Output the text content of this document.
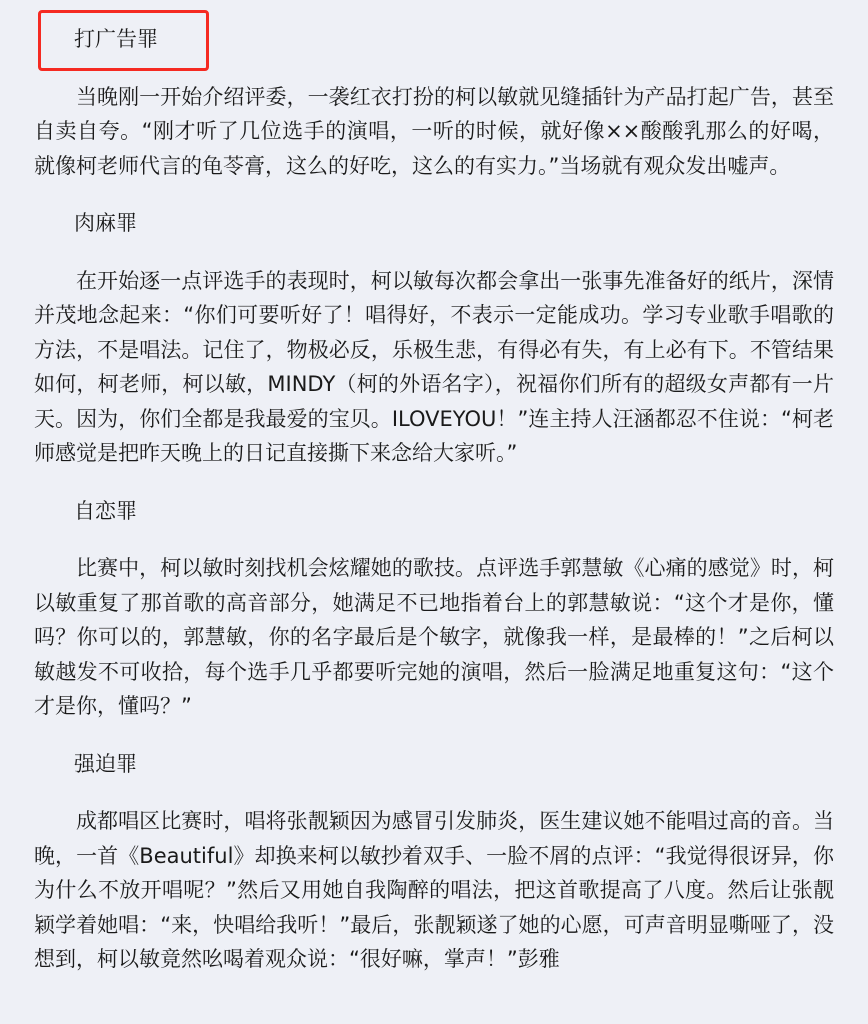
打广告罪

当晚刚一开始介绍评委，一袭红衣打扮的柯以敏就见缝插针为产品打起广告，甚至自卖自夸。“刚才听了几位选手的演唱，一听的时候，就好像××酸酸乳那么的好喝，就像柯老师代言的龟苓膏，这么的好吃，这么的有实力。”当场就有观众发出嘘声。

肉麻罪

在开始逐一点评选手的表现时，柯以敏每次都会拿出一张事先准备好的纸片，深情并茂地念起来：“你们可要听好了！唱得好，不表示一定能成功。学习专业歌手唱歌的方法，不是唱法。记住了，物极必反，乐极生悲，有得必有失，有上必有下。不管结果如何，柯老师，柯以敏，MINDY（柯的外语名字），祝福你们所有的超级女声都有一片天。因为，你们全都是我最爱的宝贝。ILOVEYOU！”连主持人汪涵都忍不住说：“柯老师感觉是把昨天晚上的日记直接撕下来念给大家听。”

自恋罪

比赛中，柯以敏时刻找机会炫耀她的歌技。点评选手郭慧敏《心痛的感觉》时，柯以敏重复了那首歌的高音部分，她满足不已地指着台上的郭慧敏说：“这个才是你，懂吗？你可以的，郭慧敏，你的名字最后是个敏字，就像我一样，是最棒的！”之后柯以敏越发不可收拾，每个选手几乎都要听完她的演唱，然后一脸满足地重复这句：“这个才是你，懂吗？”

强迫罪

成都唱区比赛时，唱将张靓颖因为感冒引发肺炎，医生建议她不能唱过高的音。当晚，一首《Beautiful》却换来柯以敏抄着双手、一脸不屑的点评：“我觉得很讶异，你为什么不放开唱呢？”然后又用她自我陶醉的唱法，把这首歌提高了八度。然后让张靓颖学着她唱：“来，快唱给我听！”最后，张靓颖遂了她的心愿，可声音明显嘶哑了，没想到，柯以敏竟然吆喝着观众说：“很好嘛，掌声！”彭雅
